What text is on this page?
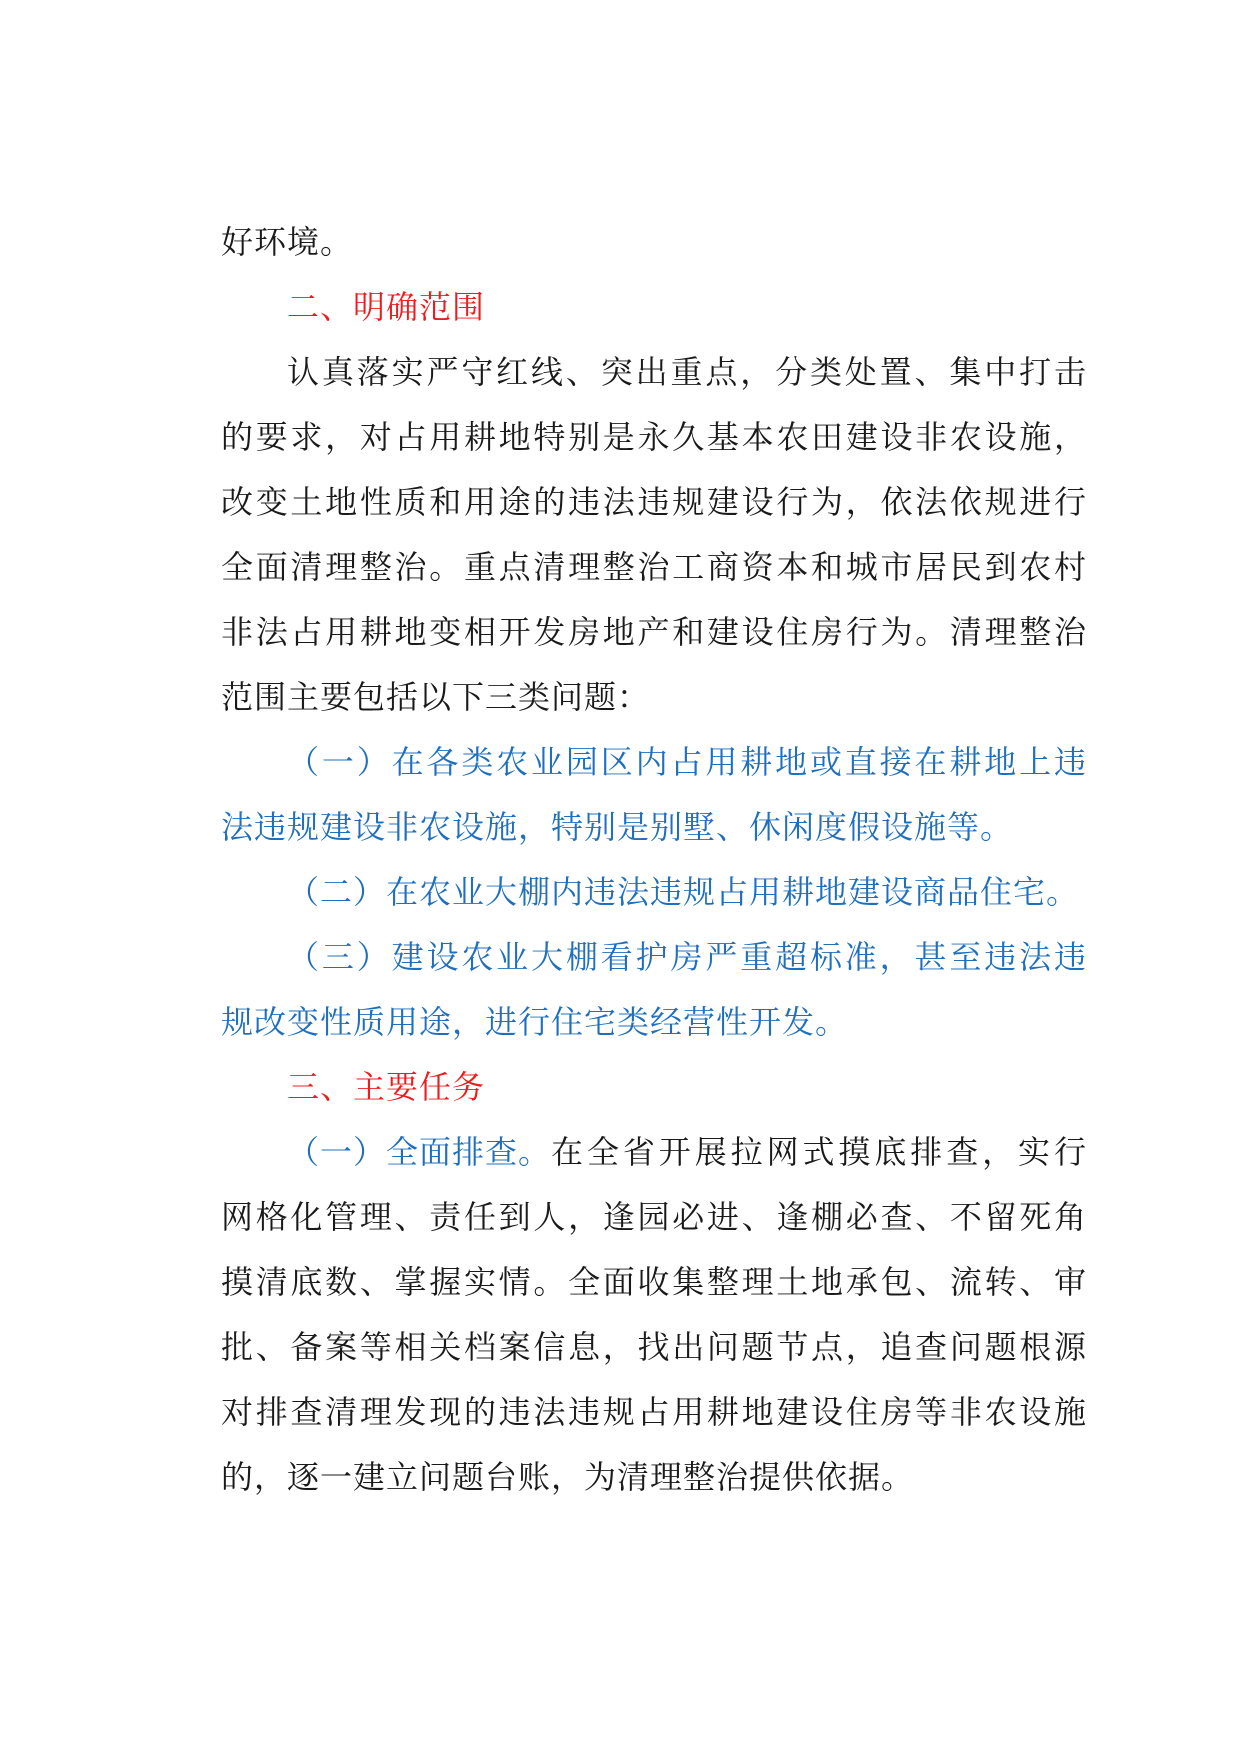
好环境。
二、明确范围
认真落实严守红线、突出重点，分类处置、集中打击
的要求，对占用耕地特别是永久基本农田建设非农设施，
改变土地性质和用途的违法违规建设行为，依法依规进行
全面清理整治。重点清理整治工商资本和城市居民到农村
非法占用耕地变相开发房地产和建设住房行为。清理整治
范围主要包括以下三类问题：
（一）在各类农业园区内占用耕地或直接在耕地上违
法违规建设非农设施，特别是别墅、休闲度假设施等。
（二）在农业大棚内违法违规占用耕地建设商品住宅。
（三）建设农业大棚看护房严重超标准，甚至违法违
规改变性质用途，进行住宅类经营性开发。
三、主要任务
（一）全面排查。 在全省开展拉网式摸底排查，实行
网格化管理、责任到人，逢园必进、逢棚必查、不留死角
摸清底数、掌握实情。全面收集整理土地承包、流转、审
批、备案等相关档案信息，找出问题节点，追查问题根源
对排查清理发现的违法违规占用耕地建设住房等非农设施
的，逐一建立问题台账，为清理整治提供依据。
